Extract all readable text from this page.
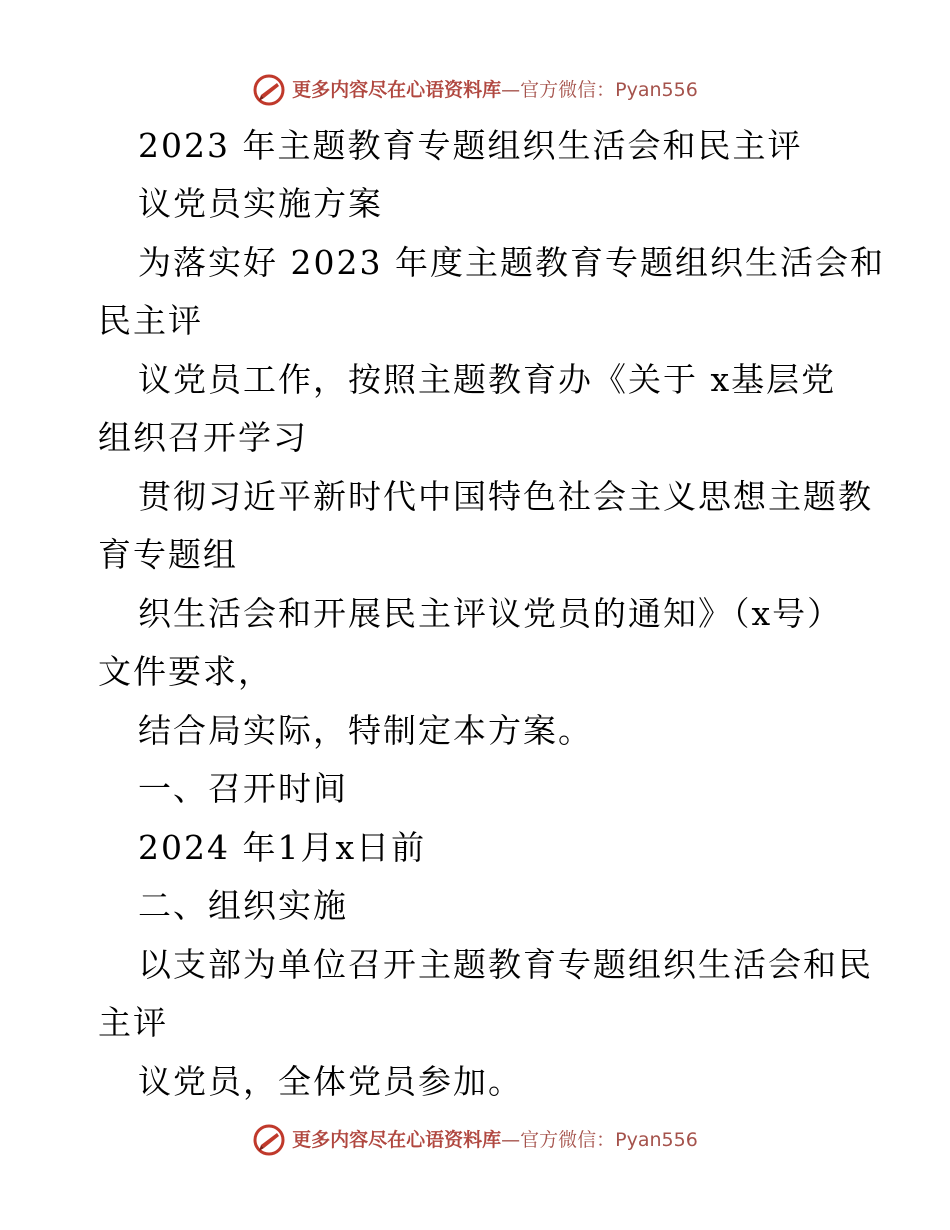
更多内容尽在心语资料库—官方微信：Pyan556
2023 年主题教育专题组织生活会和民主评
议党员实施方案
为落实好 2023 年度主题教育专题组织生活会和
民主评
议党员工作，按照主题教育办《关于 x基层党
组织召开学习
贯彻习近平新时代中国特色社会主义思想主题教
育专题组
织生活会和开展民主评议党员的通知》（x号）
文件要求，
结合局实际，特制定本方案。
一、召开时间
2024 年1月x日前
二、组织实施
以支部为单位召开主题教育专题组织生活会和民
主评
议党员，全体党员参加。
更多内容尽在心语资料库—官方微信：Pyan556
